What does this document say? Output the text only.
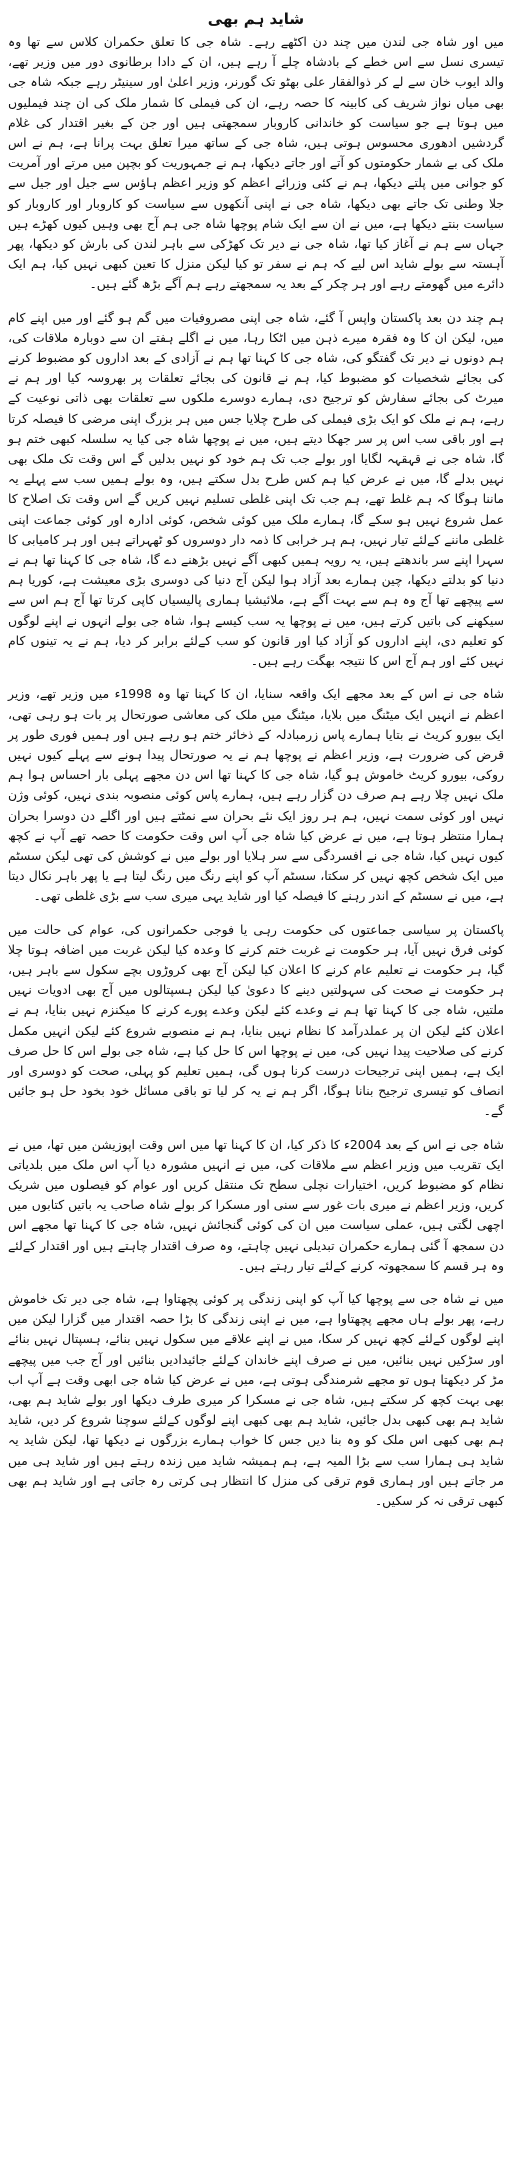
شاید ہم بھی

میں اور شاہ جی لندن میں چند دن اکٹھے رہے۔ شاہ جی کا تعلق حکمران کلاس سے تھا وہ تیسری نسل سے اس خطے کے بادشاہ چلے آ رہے ہیں، ان کے دادا برطانوی دور میں وزیر تھے، والد ایوب خان سے لے کر ذوالفقار علی بھٹو تک گورنر، وزیر اعلیٰ اور سینیٹر رہے جبکہ شاہ جی بھی میاں نواز شریف کی کابینہ کا حصہ رہے، ان کی فیملی کا شمار ملک کی ان چند فیملیوں میں ہوتا ہے جو سیاست کو خاندانی کاروبار سمجھتی ہیں اور جن کے بغیر اقتدار کی غلام گردشیں ادھوری محسوس ہوتی ہیں، شاہ جی کے ساتھ میرا تعلق بہت پرانا ہے، ہم نے اس ملک کی بے شمار حکومتوں کو آتے اور جاتے دیکھا، ہم نے جمہوریت کو بچپن میں مرتے اور آمریت کو جوانی میں پلتے دیکھا، ہم نے کئی وزرائے اعظم کو وزیر اعظم ہاؤس سے جیل اور جیل سے جلا وطنی تک جاتے بھی دیکھا، شاہ جی نے اپنی آنکھوں سے سیاست کو کاروبار اور کاروبار کو سیاست بنتے دیکھا ہے، میں نے ان سے ایک شام پوچھا شاہ جی ہم آج بھی وہیں کیوں کھڑے ہیں جہاں سے ہم نے آغاز کیا تھا، شاہ جی نے دیر تک کھڑکی سے باہر لندن کی بارش کو دیکھا، پھر آہستہ سے بولے شاید اس لیے کہ ہم نے سفر تو کیا لیکن منزل کا تعین کبھی نہیں کیا، ہم ایک دائرے میں گھومتے رہے اور ہر چکر کے بعد یہ سمجھتے رہے ہم آگے بڑھ گئے ہیں۔

ہم چند دن بعد پاکستان واپس آ گئے، شاہ جی اپنی مصروفیات میں گم ہو گئے اور میں اپنے کام میں، لیکن ان کا وہ فقرہ میرے ذہن میں اٹکا رہا، میں نے اگلے ہفتے ان سے دوبارہ ملاقات کی، ہم دونوں نے دیر تک گفتگو کی، شاہ جی کا کہنا تھا ہم نے آزادی کے بعد اداروں کو مضبوط کرنے کی بجائے شخصیات کو مضبوط کیا، ہم نے قانون کی بجائے تعلقات پر بھروسہ کیا اور ہم نے میرٹ کی بجائے سفارش کو ترجیح دی، ہمارے دوسرے ملکوں سے تعلقات بھی ذاتی نوعیت کے رہے، ہم نے ملک کو ایک بڑی فیملی کی طرح چلایا جس میں ہر بزرگ اپنی مرضی کا فیصلہ کرتا ہے اور باقی سب اس پر سر جھکا دیتے ہیں، میں نے پوچھا شاہ جی کیا یہ سلسلہ کبھی ختم ہو گا، شاہ جی نے قہقہہ لگایا اور بولے جب تک ہم خود کو نہیں بدلیں گے اس وقت تک ملک بھی نہیں بدلے گا، میں نے عرض کیا ہم کس طرح بدل سکتے ہیں، وہ بولے ہمیں سب سے پہلے یہ ماننا ہوگا کہ ہم غلط تھے، ہم جب تک اپنی غلطی تسلیم نہیں کریں گے اس وقت تک اصلاح کا عمل شروع نہیں ہو سکے گا، ہمارے ملک میں کوئی شخص، کوئی ادارہ اور کوئی جماعت اپنی غلطی ماننے کےلئے تیار نہیں، ہم ہر خرابی کا ذمہ دار دوسروں کو ٹھہراتے ہیں اور ہر کامیابی کا سہرا اپنے سر باندھتے ہیں، یہ رویہ ہمیں کبھی آگے نہیں بڑھنے دے گا، شاہ جی کا کہنا تھا ہم نے دنیا کو بدلتے دیکھا، چین ہمارے بعد آزاد ہوا لیکن آج دنیا کی دوسری بڑی معیشت ہے، کوریا ہم سے پیچھے تھا آج وہ ہم سے بہت آگے ہے، ملائیشیا ہماری پالیسیاں کاپی کرتا تھا آج ہم اس سے سیکھنے کی باتیں کرتے ہیں، میں نے پوچھا یہ سب کیسے ہوا، شاہ جی بولے انہوں نے اپنے لوگوں کو تعلیم دی، اپنے اداروں کو آزاد کیا اور قانون کو سب کےلئے برابر کر دیا، ہم نے یہ تینوں کام نہیں کئے اور ہم آج اس کا نتیجہ بھگت رہے ہیں۔

شاہ جی نے اس کے بعد مجھے ایک واقعہ سنایا، ان کا کہنا تھا وہ 1998ء میں وزیر تھے، وزیر اعظم نے انہیں ایک میٹنگ میں بلایا، میٹنگ میں ملک کی معاشی صورتحال پر بات ہو رہی تھی، ایک بیورو کریٹ نے بتایا ہمارے پاس زرمبادلہ کے ذخائر ختم ہو رہے ہیں اور ہمیں فوری طور پر قرض کی ضرورت ہے، وزیر اعظم نے پوچھا ہم نے یہ صورتحال پیدا ہونے سے پہلے کیوں نہیں روکی، بیورو کریٹ خاموش ہو گیا، شاہ جی کا کہنا تھا اس دن مجھے پہلی بار احساس ہوا ہم ملک نہیں چلا رہے ہم صرف دن گزار رہے ہیں، ہمارے پاس کوئی منصوبہ بندی نہیں، کوئی وژن نہیں اور کوئی سمت نہیں، ہم ہر روز ایک نئے بحران سے نمٹتے ہیں اور اگلے دن دوسرا بحران ہمارا منتظر ہوتا ہے، میں نے عرض کیا شاہ جی آپ اس وقت حکومت کا حصہ تھے آپ نے کچھ کیوں نہیں کیا، شاہ جی نے افسردگی سے سر ہلایا اور بولے میں نے کوشش کی تھی لیکن سسٹم میں ایک شخص کچھ نہیں کر سکتا، سسٹم آپ کو اپنے رنگ میں رنگ لیتا ہے یا پھر باہر نکال دیتا ہے، میں نے سسٹم کے اندر رہنے کا فیصلہ کیا اور شاید یہی میری سب سے بڑی غلطی تھی۔

پاکستان پر سیاسی جماعتوں کی حکومت رہی یا فوجی حکمرانوں کی، عوام کی حالت میں کوئی فرق نہیں آیا، ہر حکومت نے غربت ختم کرنے کا وعدہ کیا لیکن غربت میں اضافہ ہوتا چلا گیا، ہر حکومت نے تعلیم عام کرنے کا اعلان کیا لیکن آج بھی کروڑوں بچے سکول سے باہر ہیں، ہر حکومت نے صحت کی سہولتیں دینے کا دعویٰ کیا لیکن ہسپتالوں میں آج بھی ادویات نہیں ملتیں، شاہ جی کا کہنا تھا ہم نے وعدے کئے لیکن وعدے پورے کرنے کا میکنزم نہیں بنایا، ہم نے اعلان کئے لیکن ان پر عملدرآمد کا نظام نہیں بنایا، ہم نے منصوبے شروع کئے لیکن انہیں مکمل کرنے کی صلاحیت پیدا نہیں کی، میں نے پوچھا اس کا حل کیا ہے، شاہ جی بولے اس کا حل صرف ایک ہے، ہمیں اپنی ترجیحات درست کرنا ہوں گی، ہمیں تعلیم کو پہلی، صحت کو دوسری اور انصاف کو تیسری ترجیح بنانا ہوگا، اگر ہم نے یہ کر لیا تو باقی مسائل خود بخود حل ہو جائیں گے۔

شاہ جی نے اس کے بعد 2004ء کا ذکر کیا، ان کا کہنا تھا میں اس وقت اپوزیشن میں تھا، میں نے ایک تقریب میں وزیر اعظم سے ملاقات کی، میں نے انہیں مشورہ دیا آپ اس ملک میں بلدیاتی نظام کو مضبوط کریں، اختیارات نچلی سطح تک منتقل کریں اور عوام کو فیصلوں میں شریک کریں، وزیر اعظم نے میری بات غور سے سنی اور مسکرا کر بولے شاہ صاحب یہ باتیں کتابوں میں اچھی لگتی ہیں، عملی سیاست میں ان کی کوئی گنجائش نہیں، شاہ جی کا کہنا تھا مجھے اس دن سمجھ آ گئی ہمارے حکمران تبدیلی نہیں چاہتے، وہ صرف اقتدار چاہتے ہیں اور اقتدار کےلئے وہ ہر قسم کا سمجھوتہ کرنے کےلئے تیار رہتے ہیں۔

میں نے شاہ جی سے پوچھا کیا آپ کو اپنی زندگی پر کوئی پچھتاوا ہے، شاہ جی دیر تک خاموش رہے، پھر بولے ہاں مجھے پچھتاوا ہے، میں نے اپنی زندگی کا بڑا حصہ اقتدار میں گزارا لیکن میں اپنے لوگوں کےلئے کچھ نہیں کر سکا، میں نے اپنے علاقے میں سکول نہیں بنائے، ہسپتال نہیں بنائے اور سڑکیں نہیں بنائیں، میں نے صرف اپنے خاندان کےلئے جائیدادیں بنائیں اور آج جب میں پیچھے مڑ کر دیکھتا ہوں تو مجھے شرمندگی ہوتی ہے، میں نے عرض کیا شاہ جی ابھی وقت ہے آپ اب بھی بہت کچھ کر سکتے ہیں، شاہ جی نے مسکرا کر میری طرف دیکھا اور بولے شاید ہم بھی، شاید ہم بھی کبھی بدل جائیں، شاید ہم بھی کبھی اپنے لوگوں کےلئے سوچنا شروع کر دیں، شاید ہم بھی کبھی اس ملک کو وہ بنا دیں جس کا خواب ہمارے بزرگوں نے دیکھا تھا، لیکن شاید یہ شاید ہی ہمارا سب سے بڑا المیہ ہے، ہم ہمیشہ شاید میں زندہ رہتے ہیں اور شاید ہی میں مر جاتے ہیں اور ہماری قوم ترقی کی منزل کا انتظار ہی کرتی رہ جاتی ہے اور شاید ہم بھی کبھی ترقی نہ کر سکیں۔
